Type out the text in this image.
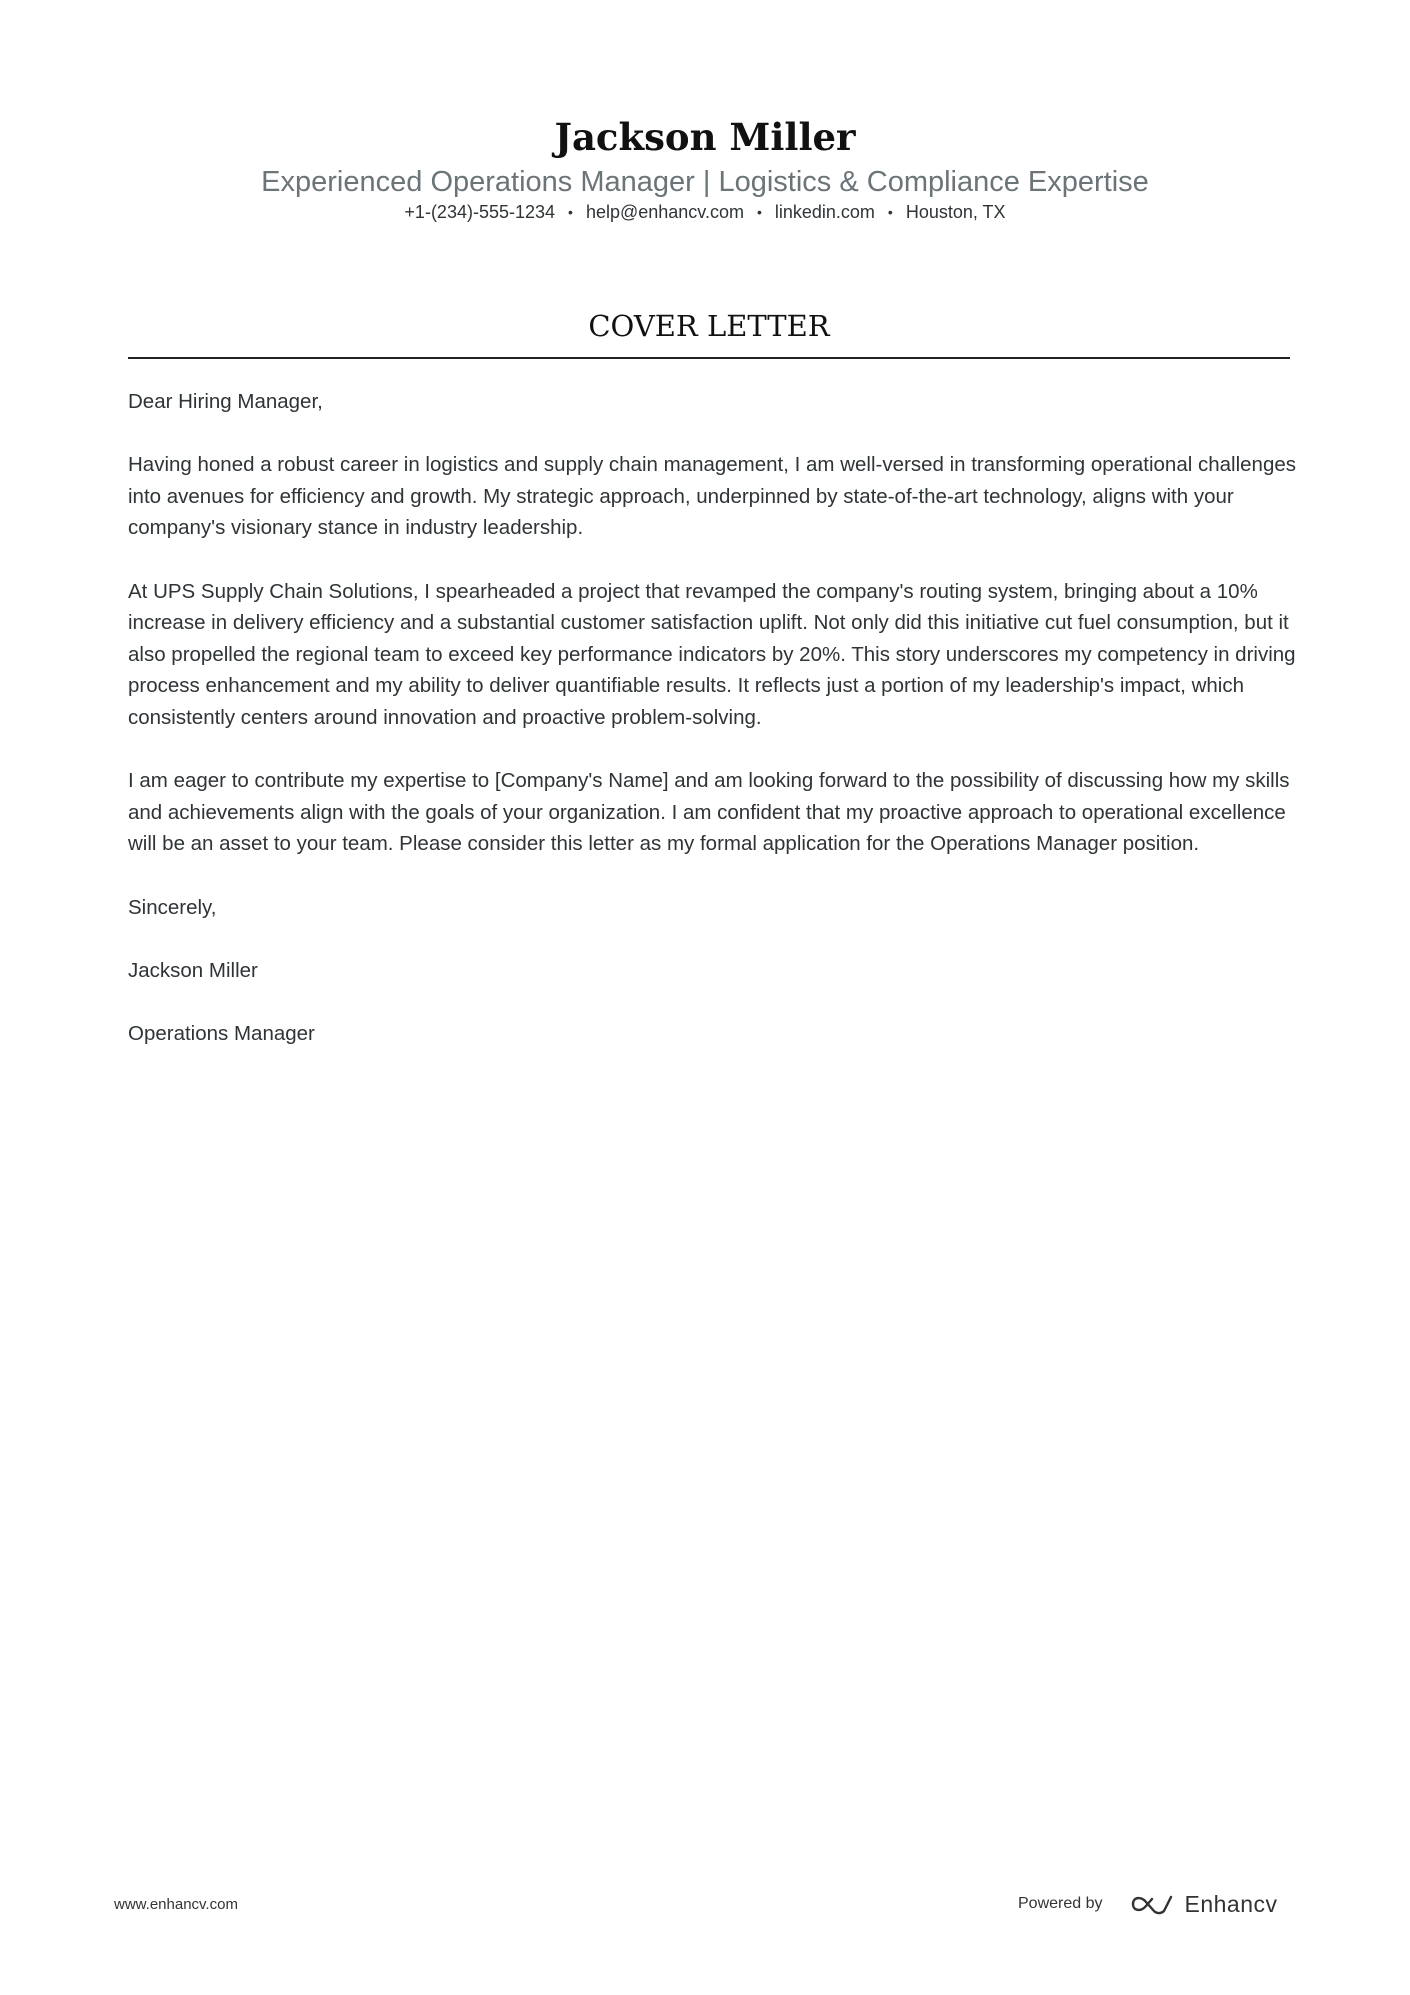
Jackson Miller
Experienced Operations Manager | Logistics & Compliance Expertise
+1-(234)-555-1234 • help@enhancv.com • linkedin.com • Houston, TX
COVER LETTER

Dear Hiring Manager,

Having honed a robust career in logistics and supply chain management, I am well-versed in transforming operational challenges into avenues for efficiency and growth. My strategic approach, underpinned by state-of-the-art technology, aligns with your company's visionary stance in industry leadership.

At UPS Supply Chain Solutions, I spearheaded a project that revamped the company's routing system, bringing about a 10% increase in delivery efficiency and a substantial customer satisfaction uplift. Not only did this initiative cut fuel consumption, but it also propelled the regional team to exceed key performance indicators by 20%. This story underscores my competency in driving process enhancement and my ability to deliver quantifiable results. It reflects just a portion of my leadership's impact, which consistently centers around innovation and proactive problem-solving.

I am eager to contribute my expertise to [Company's Name] and am looking forward to the possibility of discussing how my skills and achievements align with the goals of your organization. I am confident that my proactive approach to operational excellence will be an asset to your team. Please consider this letter as my formal application for the Operations Manager position.

Sincerely,

Jackson Miller

Operations Manager

www.enhancv.com	Powered by	Enhancv
